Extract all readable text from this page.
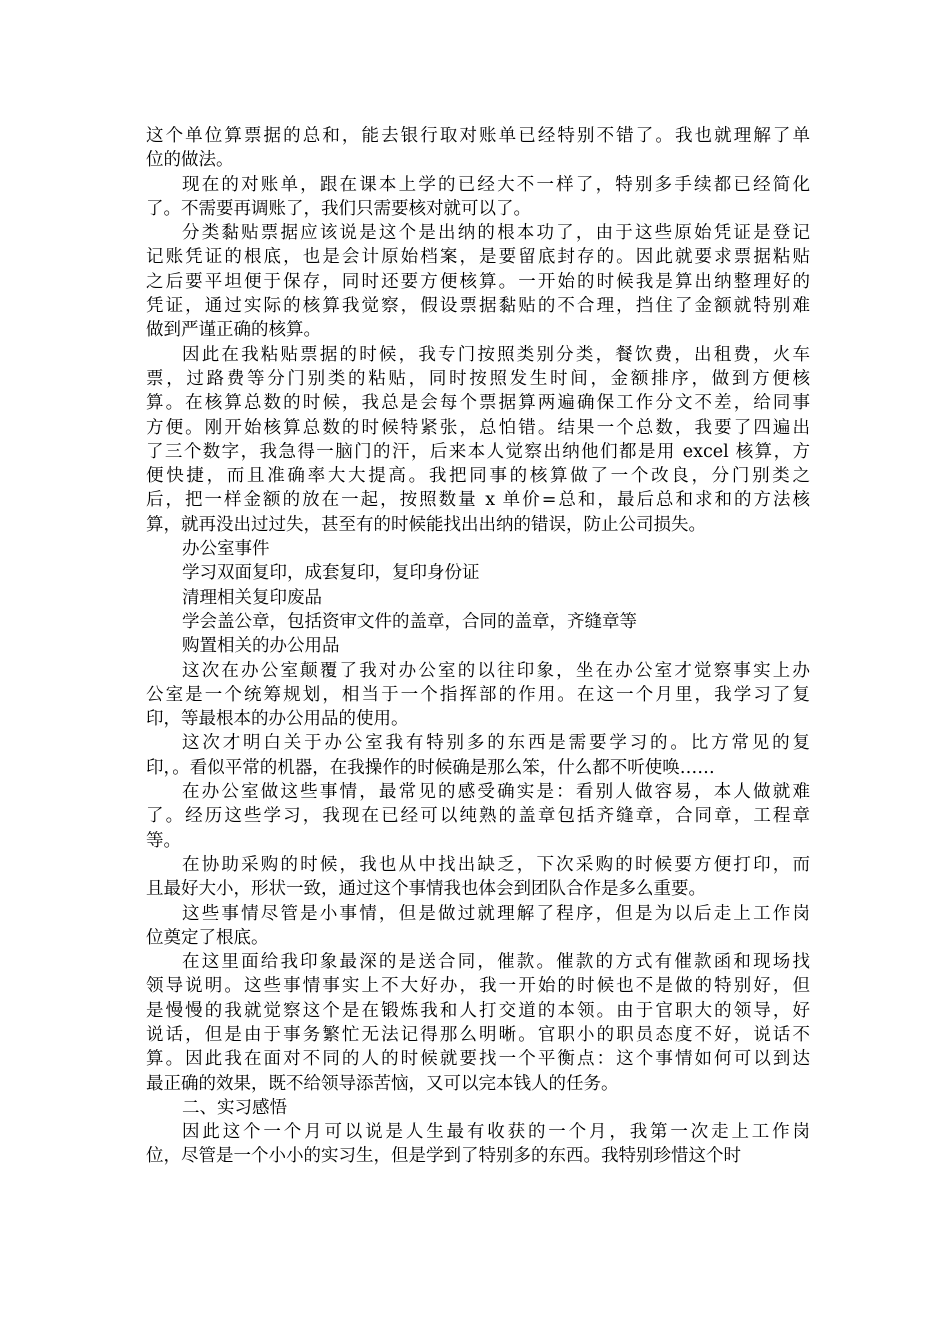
这个单位算票据的总和，能去银行取对账单已经特别不错了。我也就理解了单
位的做法。
现在的对账单，跟在课本上学的已经大不一样了，特别多手续都已经简化
了。不需要再调账了，我们只需要核对就可以了。
分类黏贴票据应该说是这个是出纳的根本功了，由于这些原始凭证是登记
记账凭证的根底，也是会计原始档案，是要留底封存的。因此就要求票据粘贴
之后要平坦便于保存，同时还要方便核算。一开始的时候我是算出纳整理好的
凭证，通过实际的核算我觉察，假设票据黏贴的不合理，挡住了金额就特别难
做到严谨正确的核算。
因此在我粘贴票据的时候，我专门按照类别分类，餐饮费，出租费，火车
票，过路费等分门别类的粘贴，同时按照发生时间，金额排序，做到方便核
算。在核算总数的时候，我总是会每个票据算两遍确保工作分文不差，给同事
方便。刚开始核算总数的时候特紧张，总怕错。结果一个总数，我要了四遍出
了三个数字，我急得一脑门的汗，后来本人觉察出纳他们都是用 excel 核算，方
便快捷，而且准确率大大提高。我把同事的核算做了一个改良，分门别类之
后，把一样金额的放在一起，按照数量 x 单价=总和，最后总和求和的方法核
算，就再没出过过失，甚至有的时候能找出出纳的错误，防止公司损失。
办公室事件
学习双面复印，成套复印，复印身份证
清理相关复印废品
学会盖公章，包括资审文件的盖章，合同的盖章，齐缝章等
购置相关的办公用品
这次在办公室颠覆了我对办公室的以往印象，坐在办公室才觉察事实上办
公室是一个统筹规划，相当于一个指挥部的作用。在这一个月里，我学习了复
印，等最根本的办公用品的使用。
这次才明白关于办公室我有特别多的东西是需要学习的。比方常见的复
印，。看似平常的机器，在我操作的时候确是那么笨，什么都不听使唤……
在办公室做这些事情，最常见的感受确实是：看别人做容易，本人做就难
了。经历这些学习，我现在已经可以纯熟的盖章包括齐缝章，合同章，工程章
等。
在协助采购的时候，我也从中找出缺乏，下次采购的时候要方便打印，而
且最好大小，形状一致，通过这个事情我也体会到团队合作是多么重要。
这些事情尽管是小事情，但是做过就理解了程序，但是为以后走上工作岗
位奠定了根底。
在这里面给我印象最深的是送合同，催款。催款的方式有催款函和现场找
领导说明。这些事情事实上不大好办，我一开始的时候也不是做的特别好，但
是慢慢的我就觉察这个是在锻炼我和人打交道的本领。由于官职大的领导，好
说话，但是由于事务繁忙无法记得那么明晰。官职小的职员态度不好，说话不
算。因此我在面对不同的人的时候就要找一个平衡点：这个事情如何可以到达
最正确的效果，既不给领导添苦恼，又可以完本钱人的任务。
二、实习感悟
因此这个一个月可以说是人生最有收获的一个月，我第一次走上工作岗
位，尽管是一个小小的实习生，但是学到了特别多的东西。我特别珍惜这个时
